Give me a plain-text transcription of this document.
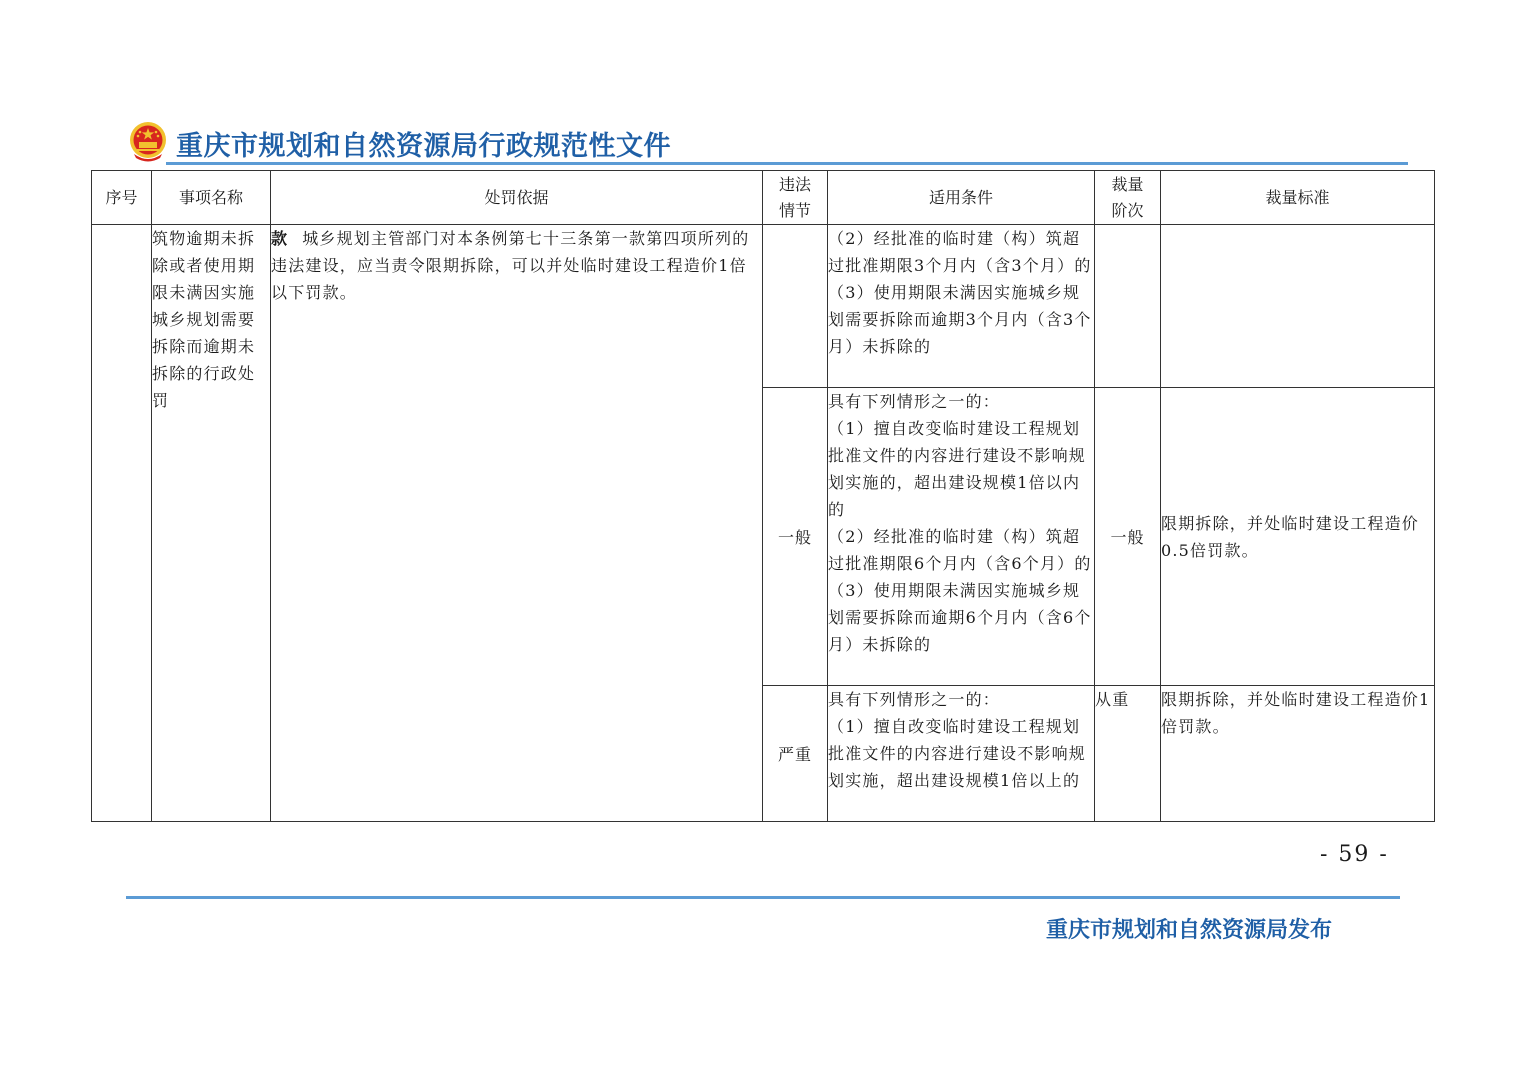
重庆市规划和自然资源局行政规范性文件
序号	事项名称	处罚依据	违法情节	适用条件	裁量阶次	裁量标准
	筑物逾期未拆除或者使用期限未满因实施城乡规划需要拆除而逾期未拆除的行政处罚	款 城乡规划主管部门对本条例第七十三条第一款第四项所列的违法建设，应当责令限期拆除，可以并处临时建设工程造价1倍以下罚款。		（2）经批准的临时建（构）筑超过批准期限3个月内（含3个月）的

（3）使用期限未满因实施城乡规划需要拆除而逾期3个月内（含3个月）未拆除的		

			一般	具有下列情形之一的：

（1）擅自改变临时建设工程规划批准文件的内容进行建设不影响规划实施的，超出建设规模1倍以内的

（2）经批准的临时建（构）筑超过批准期限6个月内（含6个月）的

（3）使用期限未满因实施城乡规划需要拆除而逾期6个月内（含6个月）未拆除的	一般	限期拆除，并处临时建设工程造价0.5倍罚款。
			严重	具有下列情形之一的：

（1）擅自改变临时建设工程规划批准文件的内容进行建设不影响规划实施，超出建设规模1倍以上的	从重	限期拆除，并处临时建设工程造价1倍罚款。
- 59 -
重庆市规划和自然资源局发布
